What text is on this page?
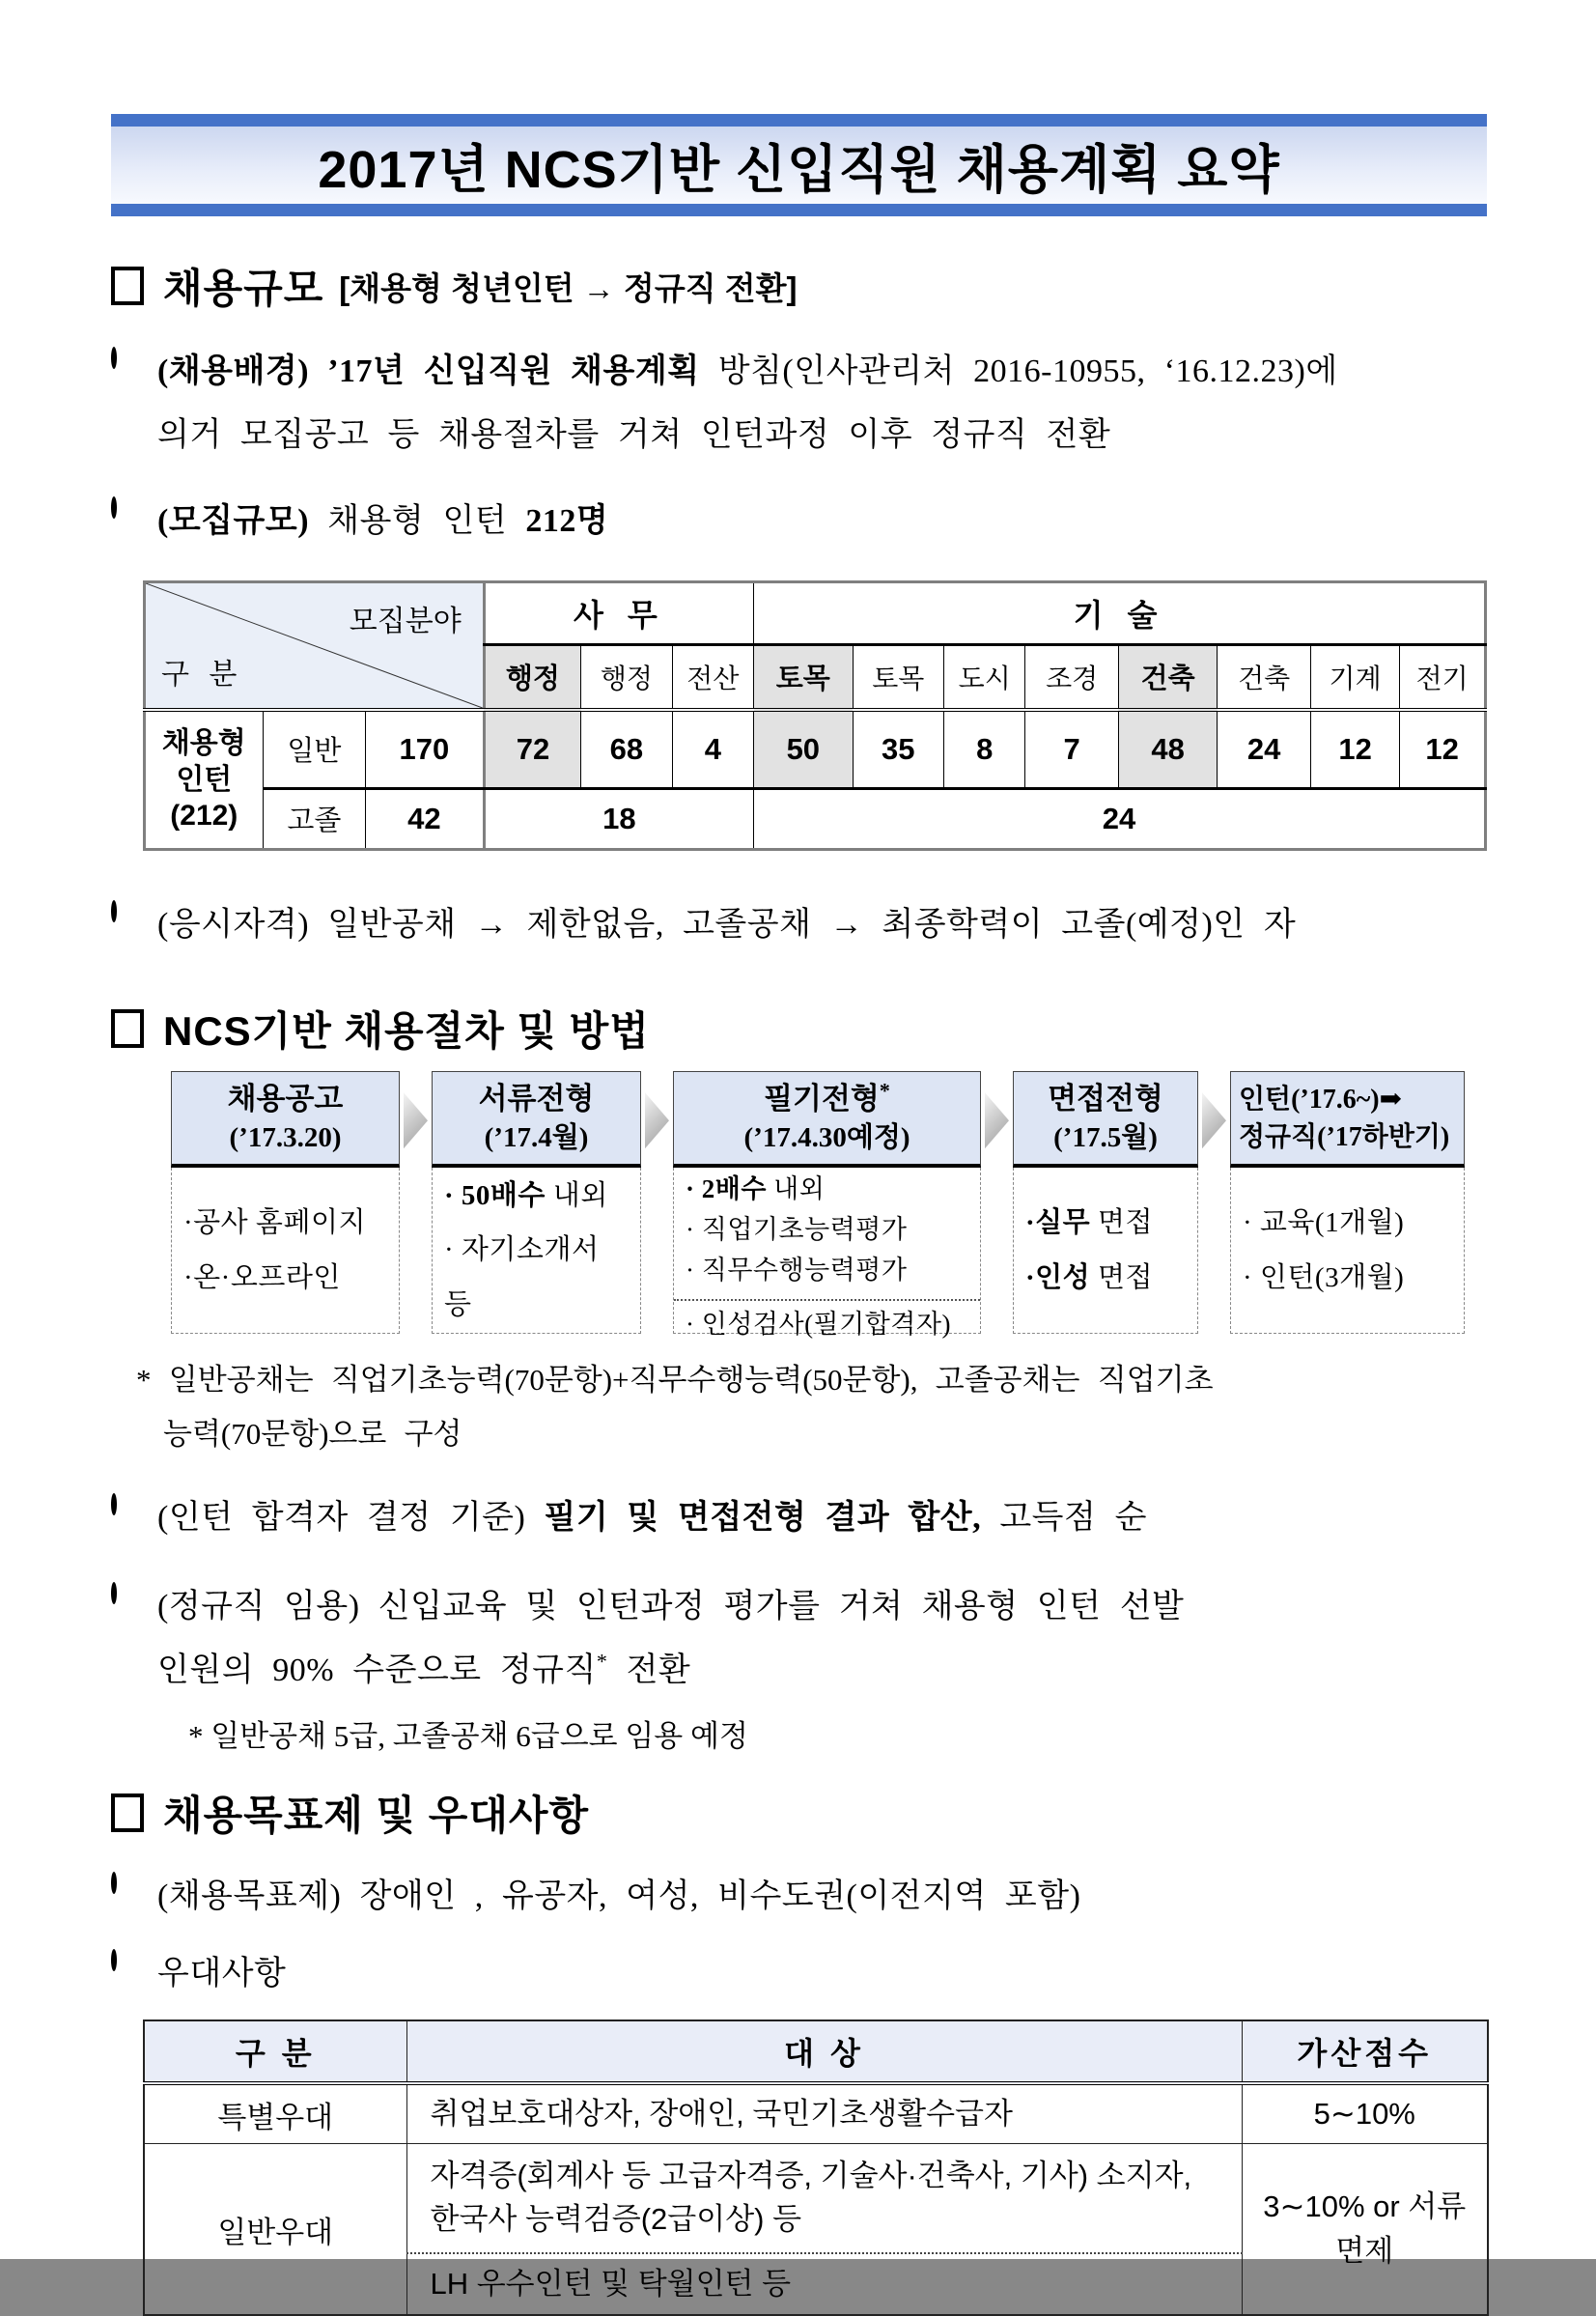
2017년 NCS기반 신입직원 채용계획 요약
채용규모 [채용형 청년인턴 → 정규직 전환]
(채용배경) ’17년 신입직원 채용계획 방침(인사관리처 2016-10955, ‘16.12.23)에
의거 모집공고 등 채용절차를 거쳐 인턴과정 이후 정규직 전환
(모집규모) 채용형 인턴 212명
모집분야
구 분			사 무			기 술							
			행정	행정	전산	토목	토목	도시	조경	건축	건축	기계	전기
채용형
인턴
(212)	일반	170	72	68	4	50	35	8	7	48	24	12	12
	고졸	42	18			24							
(응시자격) 일반공채 → 제한없음, 고졸공채 → 최종학력이 고졸(예정)인 자
NCS기반 채용절차 및 방법
채용공고
(’17.3.20)
·공사 홈페이지
·온·오프라인
서류전형
(’17.4월)
· 50배수 내외
· 자기소개서 등
필기전형*
(’17.4.30예정)
· 2배수 내외
· 직업기초능력평가
· 직무수행능력평가
· 인성검사(필기합격자)
면접전형
(’17.5월)
·실무 면접
·인성 면접
인턴(’17.6~)➡
정규직(’17하반기)
· 교육(1개월)
· 인턴(3개월)
* 일반공채는 직업기초능력(70문항)+직무수행능력(50문항), 고졸공채는 직업기초
능력(70문항)으로 구성
(인턴 합격자 결정 기준) 필기 및 면접전형 결과 합산, 고득점 순
(정규직 임용) 신입교육 및 인턴과정 평가를 거쳐 채용형 인턴 선발
인원의 90% 수준으로 정규직* 전환
* 일반공채 5급, 고졸공채 6급으로 임용 예정
채용목표제 및 우대사항
(채용목표제) 장애인 , 유공자, 여성, 비수도권(이전지역 포함)
우대사항
구 분	대 상	가산점수
특별우대	취업보호대상자, 장애인, 국민기초생활수급자	5∼10%
일반우대	자격증(회계사 등 고급자격증, 기술사·건축사, 기사) 소지자, 한국사 능력검증(2급이상) 등	3∼10% or 서류면제
	LH 우수인턴 및 탁월인턴 등	
